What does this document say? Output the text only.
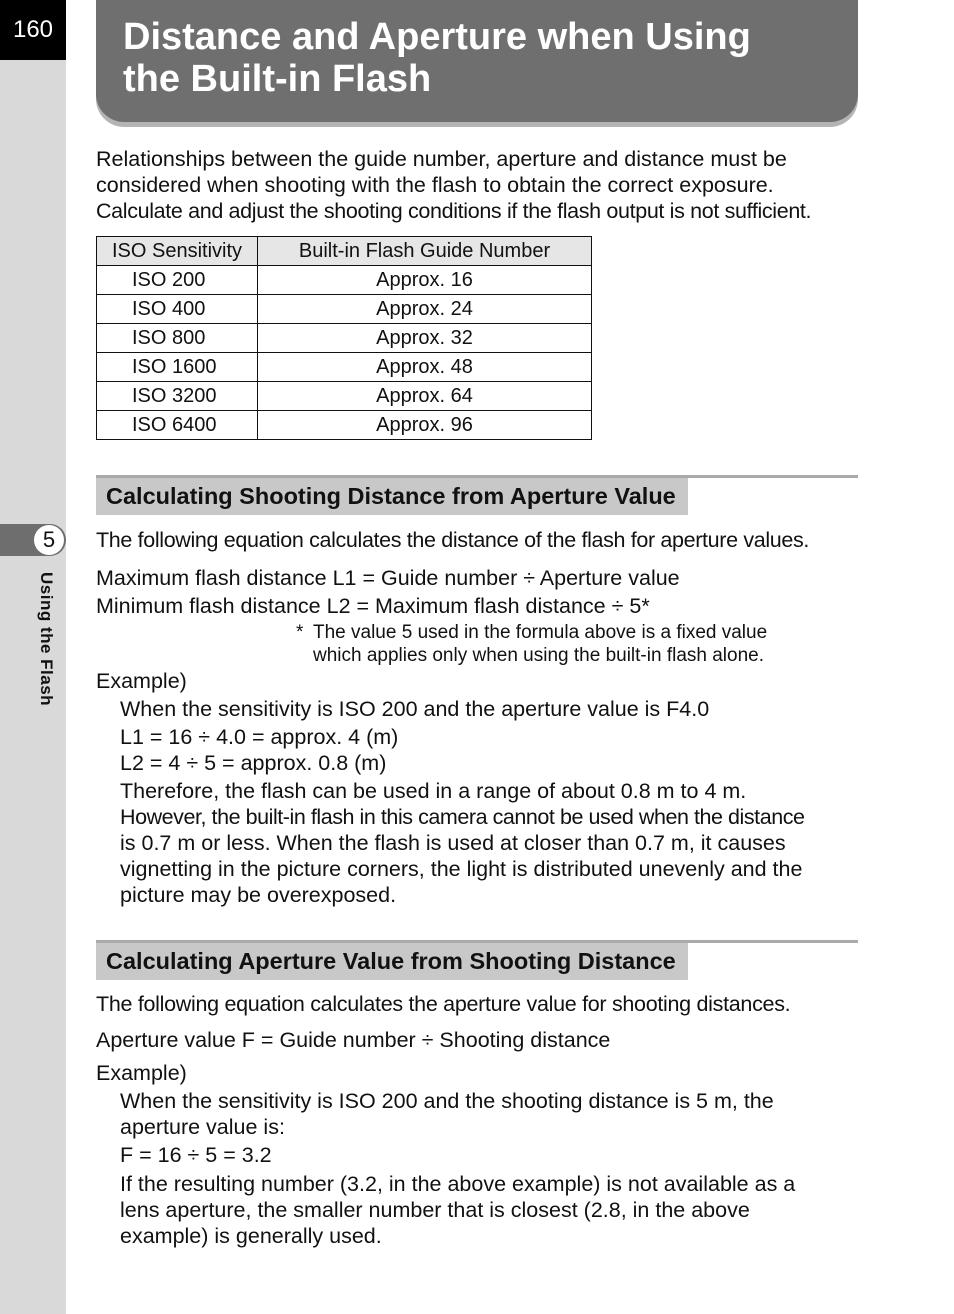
160
5
Using the Flash
Distance and Aperture when Using
the Built-in Flash

Relationships between the guide number, aperture and distance must be

considered when shooting with the flash to obtain the correct exposure.

Calculate and adjust the shooting conditions if the flash output is not sufficient.

ISO Sensitivity	Built-in Flash Guide Number
ISO 200	Approx. 16
ISO 400	Approx. 24
ISO 800	Approx. 32
ISO 1600	Approx. 48
ISO 3200	Approx. 64
ISO 6400	Approx. 96
Calculating Shooting Distance from Aperture Value

The following equation calculates the distance of the flash for aperture values.

Maximum flash distance L1 = Guide number ÷ Aperture value

Minimum flash distance L2 = Maximum flash distance ÷ 5*

* The value 5 used in the formula above is a fixed value

which applies only when using the built-in flash alone.

Example)

When the sensitivity is ISO 200 and the aperture value is F4.0

L1 = 16 ÷ 4.0 = approx. 4 (m)

L2 = 4 ÷ 5 = approx. 0.8 (m)

Therefore, the flash can be used in a range of about 0.8 m to 4 m.

However, the built-in flash in this camera cannot be used when the distance

is 0.7 m or less. When the flash is used at closer than 0.7 m, it causes

vignetting in the picture corners, the light is distributed unevenly and the

picture may be overexposed.

Calculating Aperture Value from Shooting Distance

The following equation calculates the aperture value for shooting distances.

Aperture value F = Guide number ÷ Shooting distance

Example)

When the sensitivity is ISO 200 and the shooting distance is 5 m, the

aperture value is:

F = 16 ÷ 5 = 3.2

If the resulting number (3.2, in the above example) is not available as a

lens aperture, the smaller number that is closest (2.8, in the above

example) is generally used.
